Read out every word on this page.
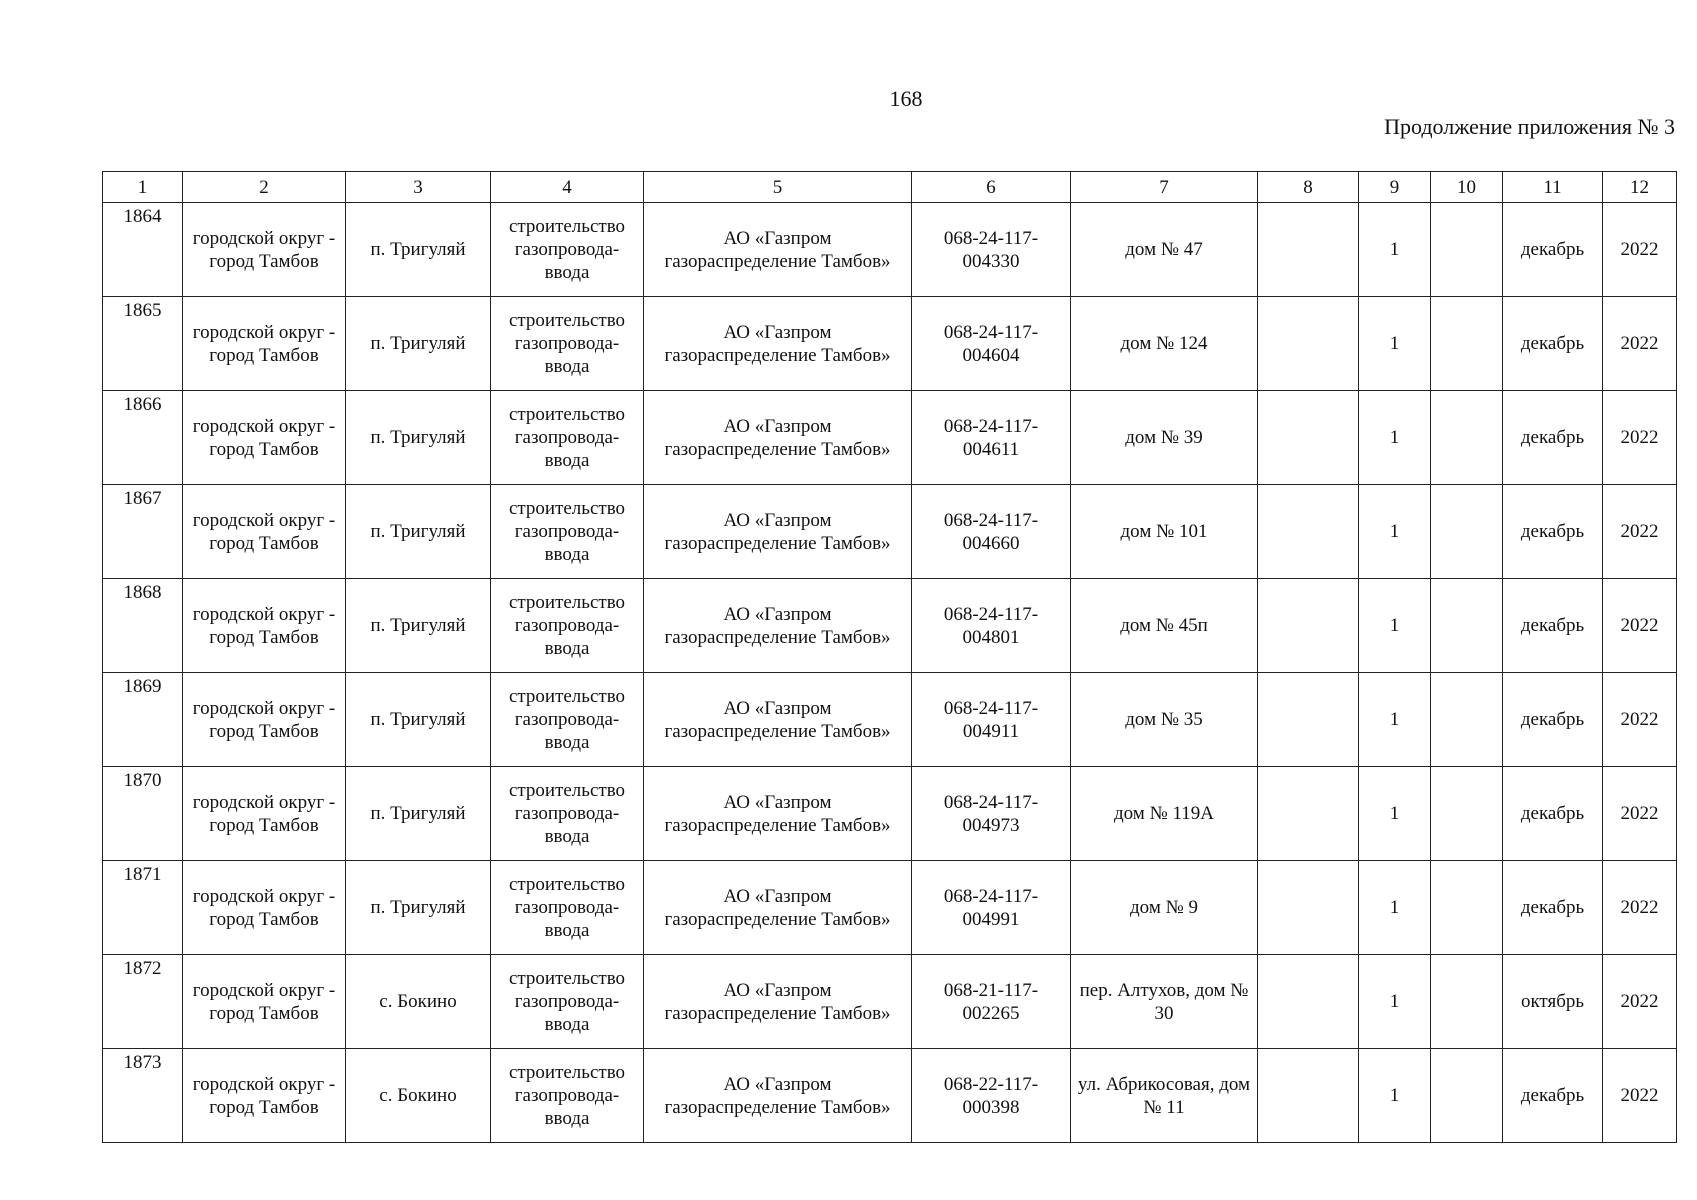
168
Продолжение приложения № 3
1	2	3	4	5	6	7	8	9	10	11	12
1864	городской округ - город Тамбов	п. Тригуляй	строительство газопровода-ввода	АО «Газпром газораспределение Тамбов»	068-24-117-004330	дом № 47		1		декабрь	2022
1865	городской округ - город Тамбов	п. Тригуляй	строительство газопровода-ввода	АО «Газпром газораспределение Тамбов»	068-24-117-004604	дом № 124		1		декабрь	2022
1866	городской округ - город Тамбов	п. Тригуляй	строительство газопровода-ввода	АО «Газпром газораспределение Тамбов»	068-24-117-004611	дом № 39		1		декабрь	2022
1867	городской округ - город Тамбов	п. Тригуляй	строительство газопровода-ввода	АО «Газпром газораспределение Тамбов»	068-24-117-004660	дом № 101		1		декабрь	2022
1868	городской округ - город Тамбов	п. Тригуляй	строительство газопровода-ввода	АО «Газпром газораспределение Тамбов»	068-24-117-004801	дом № 45п		1		декабрь	2022
1869	городской округ - город Тамбов	п. Тригуляй	строительство газопровода-ввода	АО «Газпром газораспределение Тамбов»	068-24-117-004911	дом № 35		1		декабрь	2022
1870	городской округ - город Тамбов	п. Тригуляй	строительство газопровода-ввода	АО «Газпром газораспределение Тамбов»	068-24-117-004973	дом № 119А		1		декабрь	2022
1871	городской округ - город Тамбов	п. Тригуляй	строительство газопровода-ввода	АО «Газпром газораспределение Тамбов»	068-24-117-004991	дом № 9		1		декабрь	2022
1872	городской округ - город Тамбов	с. Бокино	строительство газопровода-ввода	АО «Газпром газораспределение Тамбов»	068-21-117-002265	пер. Алтухов, дом № 30		1		октябрь	2022
1873	городской округ - город Тамбов	с. Бокино	строительство газопровода-ввода	АО «Газпром газораспределение Тамбов»	068-22-117-000398	ул. Абрикосовая, дом № 11		1		декабрь	2022
